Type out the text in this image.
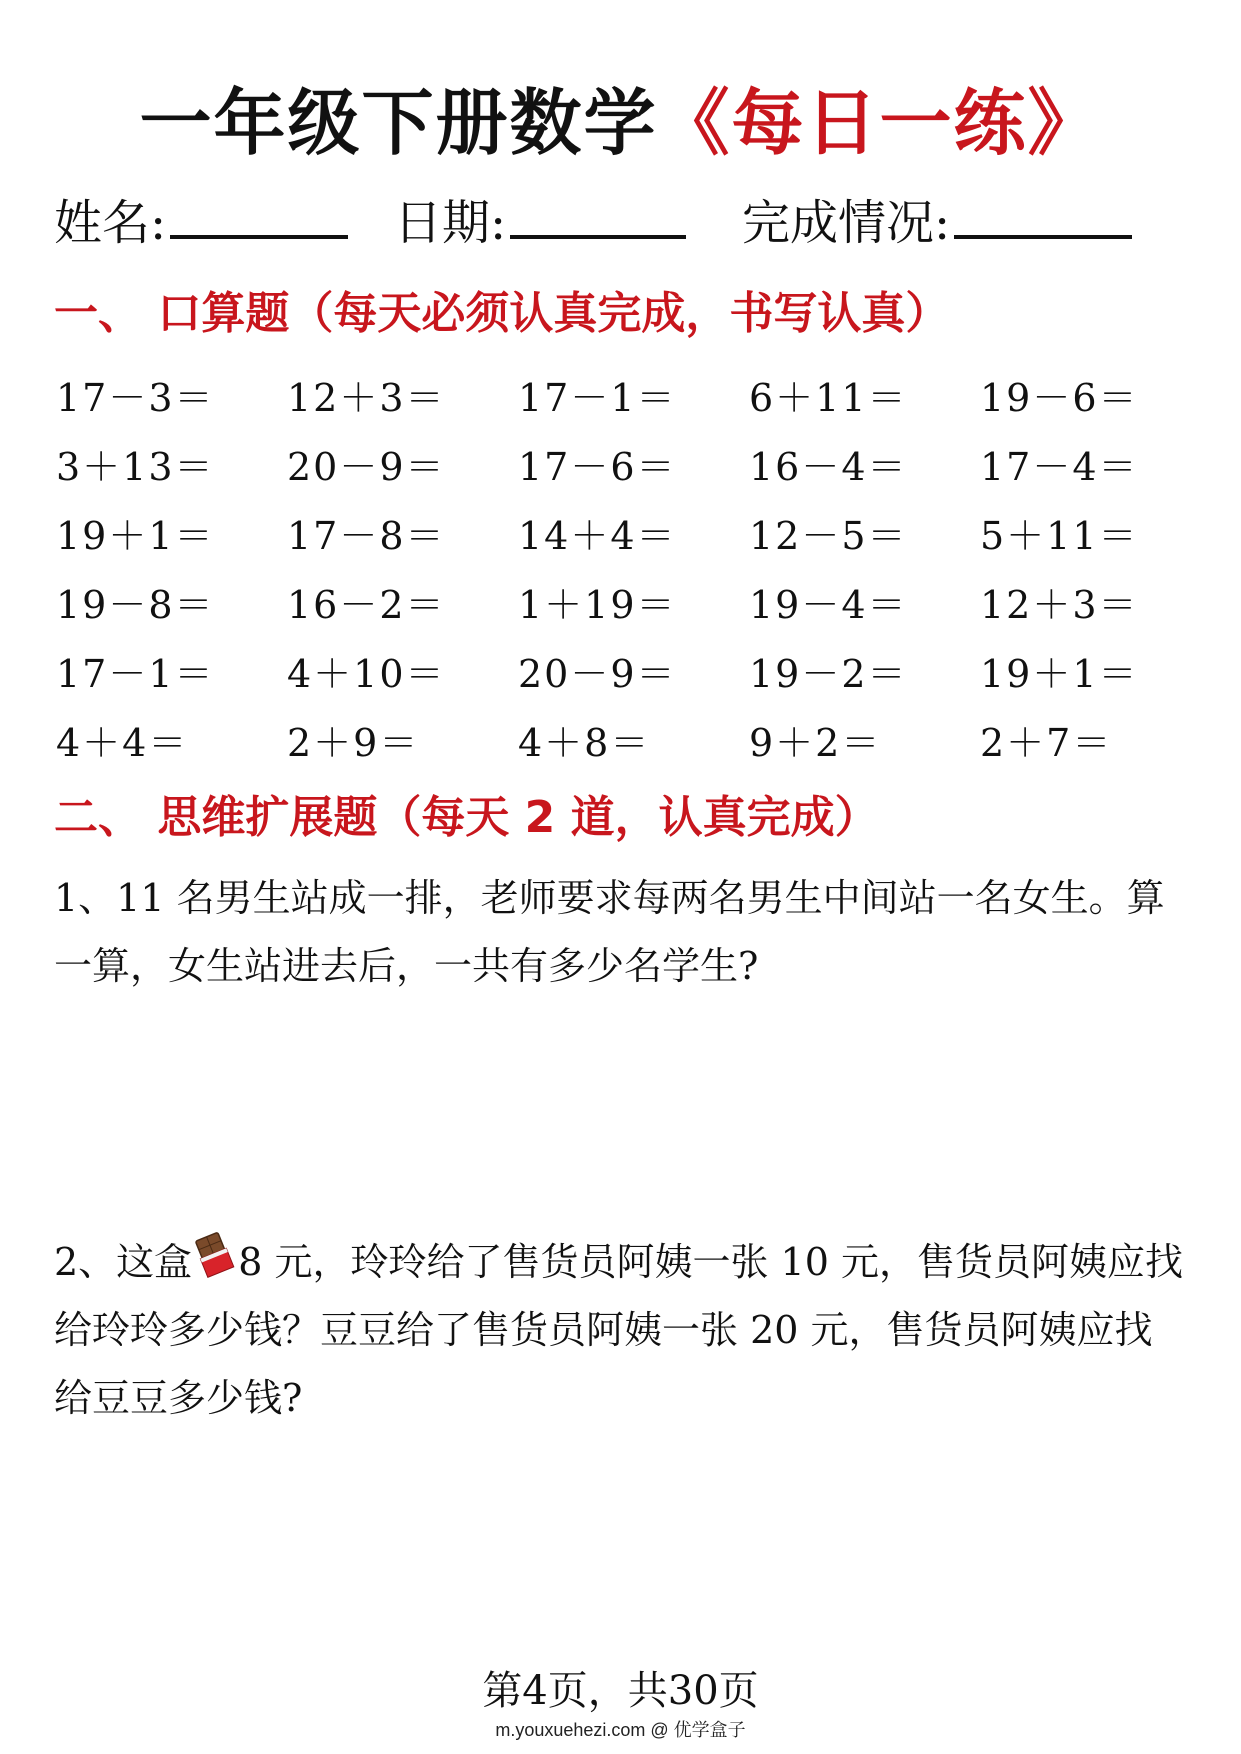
一年级下册数学《每日一练》
姓名:	日期:	完成情况:
一、 口算题（每天必须认真完成，书写认真）
17－3＝	12＋3＝	17－1＝	6＋11＝	19－6＝
3＋13＝	20－9＝	17－6＝	16－4＝	17－4＝
19＋1＝	17－8＝	14＋4＝	12－5＝	5＋11＝
19－8＝	16－2＝	1＋19＝	19－4＝	12＋3＝
17－1＝	4＋10＝	20－9＝	19－2＝	19＋1＝
4＋4＝	2＋9＝	4＋8＝	9＋2＝	2＋7＝
二、 思维扩展题（每天 2 道，认真完成）
1、11 名男生站成一排，老师要求每两名男生中间站一名女生。算一算，女生站进去后，一共有多少名学生?
2、这盒 8 元，玲玲给了售货员阿姨一张 10 元，售货员阿姨应找给玲玲多少钱？豆豆给了售货员阿姨一张 20 元，售货员阿姨应找给豆豆多少钱?
第4页，共30页
m.youxuehezi.com @ 优学盒子
